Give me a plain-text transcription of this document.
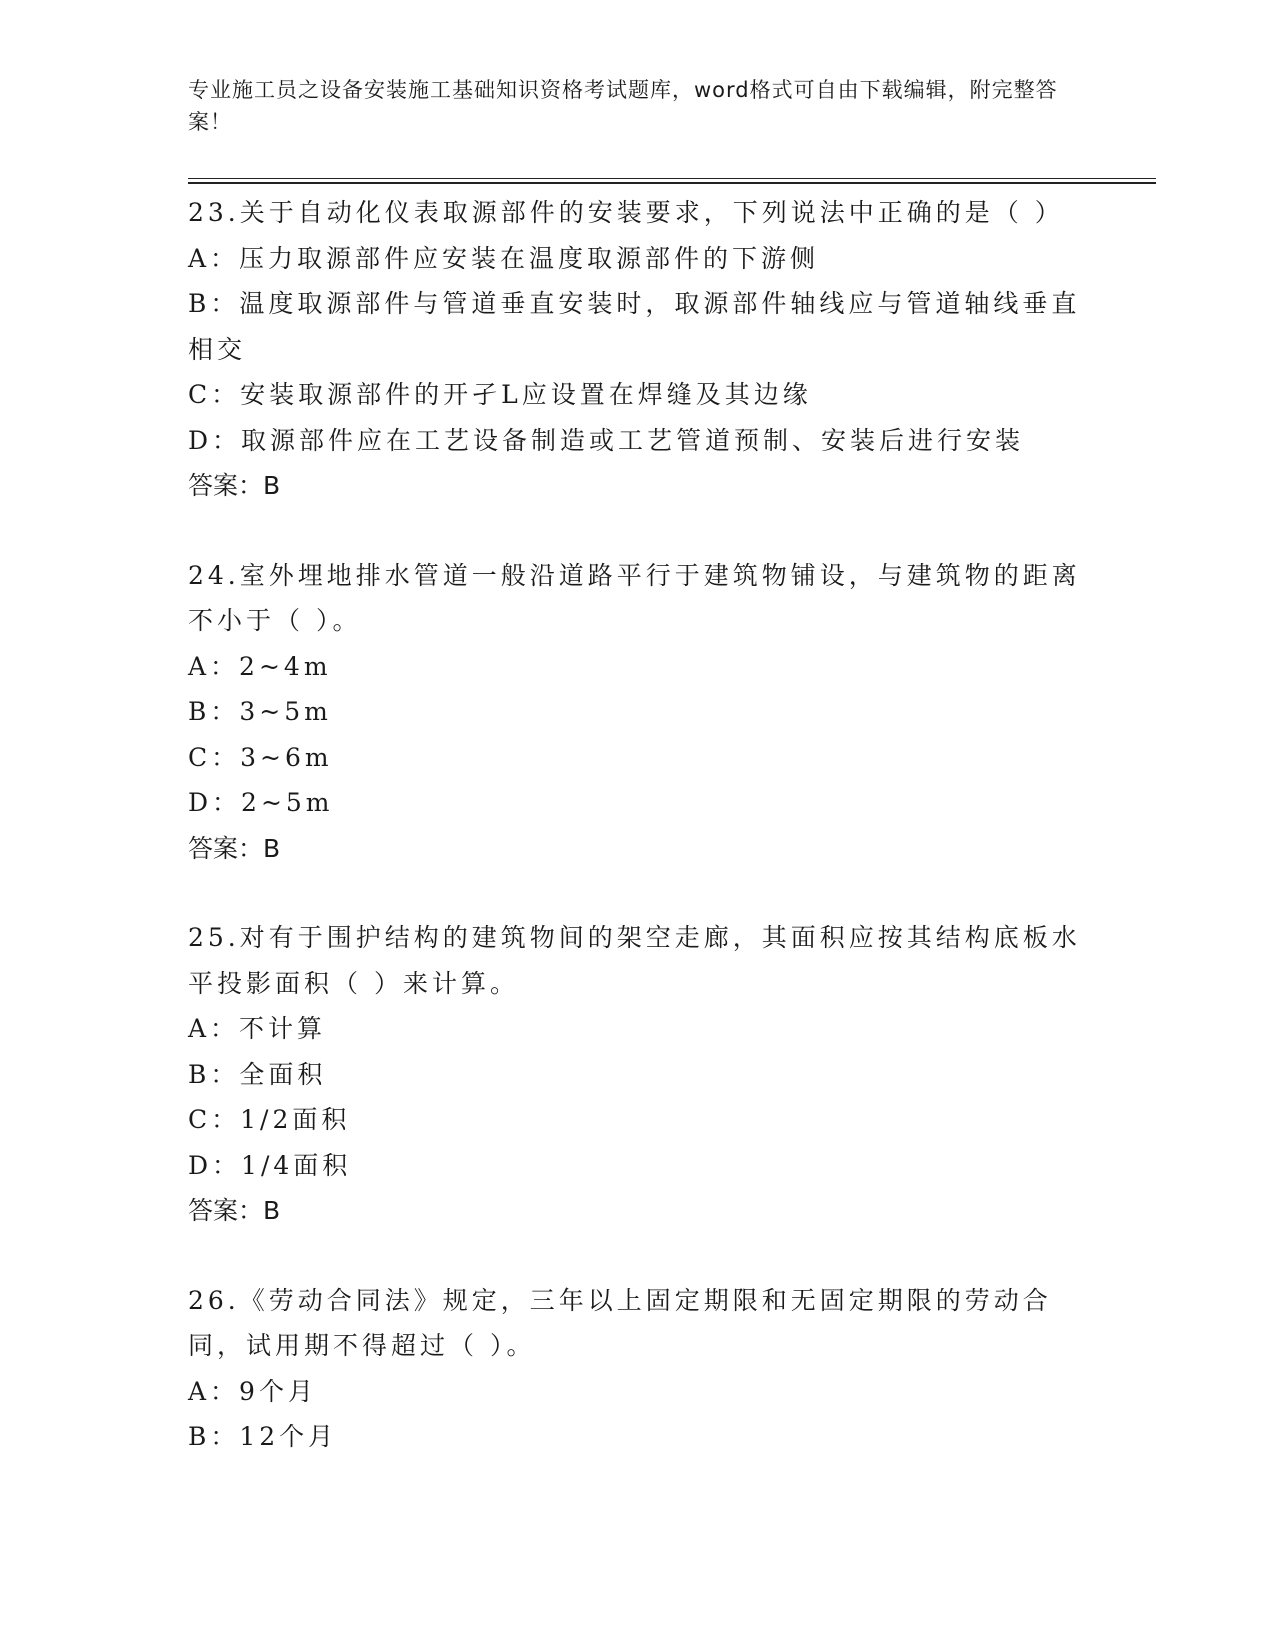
专业施工员之设备安装施工基础知识资格考试题库，word格式可自由下载编辑，附完整答案！

23.关于自动化仪表取源部件的安装要求，下列说法中正确的是（ ）

A：压力取源部件应安装在温度取源部件的下游侧

B：温度取源部件与管道垂直安装时，取源部件轴线应与管道轴线垂直相交

C：安装取源部件的开孑L应设置在焊缝及其边缘

D：取源部件应在工艺设备制造或工艺管道预制、安装后进行安装

答案：B

24.室外埋地排水管道一般沿道路平行于建筑物铺设，与建筑物的距离不小于（ ）。

A：2~4m

B：3~5m

C：3~6m

D：2~5m

答案：B

25.对有于围护结构的建筑物间的架空走廊，其面积应按其结构底板水平投影面积（ ）来计算。

A：不计算

B：全面积

C：1/2面积

D：1/4面积

答案：B

26.《劳动合同法》规定，三年以上固定期限和无固定期限的劳动合同，试用期不得超过（ ）。

A：9个月

B：12个月
